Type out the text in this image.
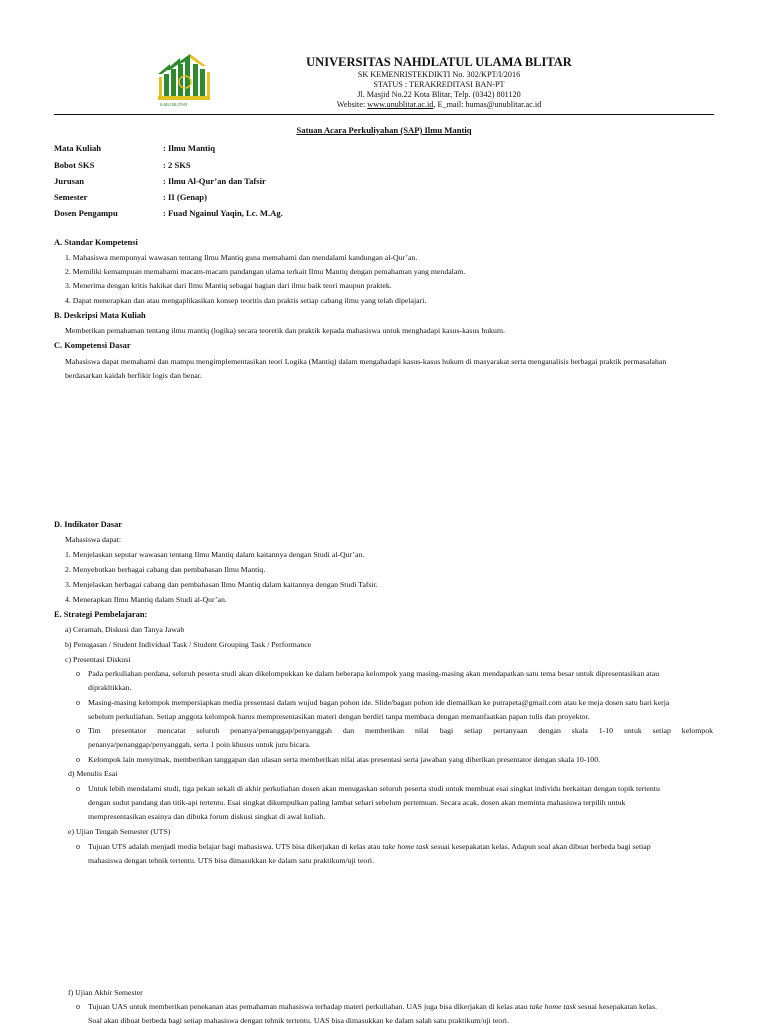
ILMU BLITAR
UNIVERSITAS NAHDLATUL ULAMA BLITAR
SK KEMENRISTEKDIKTI No. 302/KPT/I/2016
STATUS : TERAKREDITASI BAN-PT
Jl. Masjid No.22 Kota Blitar, Telp. (0342) 801120
Website: www.unublitar.ac.id, E_mail: humas@unublitar.ac.id
Satuan Acara Perkuliyahan (SAP) Ilmu Mantiq
Mata Kuliah	: Ilmu Mantiq
Bobot SKS	: 2 SKS
Jurusan	: Ilmu Al-Qur’an dan Tafsir
Semester	: II (Genap)
Dosen Pengampu	: Fuad Ngainul Yaqin, Lc. M.Ag.
A. Standar Kompetensi
1. Mahasiswa mempunyai wawasan tentang Ilmu Mantiq guna memahami dan mendalami kandungan al-Qur’an.
2. Memiliki kemampuan memahami macam-macam pandangan ulama terkait Ilmu Mantiq dengan pemahaman yang mendalam.
3. Menerima dengan kritis hakikat dari Ilmu Mantiq sebagai bagian dari ilmu baik teori maupun praktek.
4. Dapat menerapkan dan atau mengaplikasikan konsep teoritis dan praktis setiap cabang ilmu yang telah dipelajari.
B. Deskripsi Mata Kuliah
Memberikan pemahaman tentang ilmu mantiq (logika) secara teoretik dan praktik kepada mahasiswa untuk menghadapi kasus-kasus hukum.
C. Kompetensi Dasar
Mahasiswa dapat memahami dan mampu mengimplementasikan teori Logika (Mantiq) dalam mengahadapi kasus-kasus hukum di masyarakat serta menganalisis berbagai praktik permasalahan
berdasarkan kaidah berfikir logis dan benar.
D. Indikator Dasar
Mahasiswa dapat:
1. Menjelaskan seputar wawasan tentang Ilmu Mantiq dalam kaitannya dengan Studi al-Qur’an.
2. Menyebutkan berbagai cabang dan pembahasan Ilmu Mantiq.
3. Menjelaskan berbagai cabang dan pembahasan Ilmu Mantiq dalam kaitannya dengan Studi Tafsir.
4. Menerapkan Ilmu Mantiq dalam Studi al-Qur’an.
E. Strategi Pembelajaran:
a) Ceramah, Diskusi dan Tanya Jawab
b) Penugasan / Student Individual Task / Student Grouping Task / Performance
c) Presentasi Diskusi
o Pada perkuliahan perdana, seluruh peserta studi akan dikelompokkan ke dalam beberapa kelompok yang masing-masing akan mendapatkan satu tema besar untuk dipresentasikan atau
diprakltikkan.
o Masing-masing kelompok mempersiapkan media presentasi dalam wujud bagan pohon ide. Slide/bagan pohon ide diemailkan ke putrapeta@gmail.com atau ke meja dosen satu hari kerja
sebelum perkuliahan. Setiap anggota kelompok harus mempresentasikan materi dengan berdiri tanpa membaca dengan memanfaatkan papan tulis dan proyektor.
o Tim presentator mencatat seluruh penanya/penanggap/penyanggah dan memberikan nilai bagi setiap pertanyaan dengan skala 1-10 untuk setiap kelompok
penanya/penanggap/penyanggah, serta 1 poin khusus untuk juru bicara.
o Kelompok lain menyimak, memberikan tanggapan dan ulasan serta memberikan nilai atas presentasi serta jawaban yang diberikan presentator dengan skala 10-100.
d) Menulis Esai
o Untuk lebih mendalami studi, tiga pekan sekali di akhir perkuliahan dosen akan menugaskan seluruh peserta studi untuk membuat esai singkat individu berkaitan dengan topik tertentu
dengan sudut pandang dan titik-api tertentu. Esai singkat dikumpulkan paling lambat sehari sebelum pertemuan. Secara acak, dosen akan meminta mahasiswa terpilih untuk
mempresentasikan esainya dan dibuka forum diskusi singkat di awal kuliah.
e) Ujian Tengah Semester (UTS)
o Tujuan UTS adalah menjadi media belajar bagi mahasiswa. UTS bisa dikerjakan di kelas atau take home task sesuai kesepakatan kelas. Adapun soal akan dibuat berbeda bagi setiap
mahasiswa dengan tehnik tertentu. UTS bisa dimasukkan ke dalam satu praktikum/uji teori.
f) Ujian Akhir Semester
o Tujuan UAS untuk memberikan penekanan atas pemahaman mahasiswa terhadap materi perkuliahan. UAS juga bisa dikerjakan di kelas atau take home task sesuai kesepakatan kelas.
Soal akan dibuat berbeda bagi setiap mahasiswa dengan tehnik tertentu. UAS bisa dimasukkan ke dalam salah satu praktikum/uji teori.
